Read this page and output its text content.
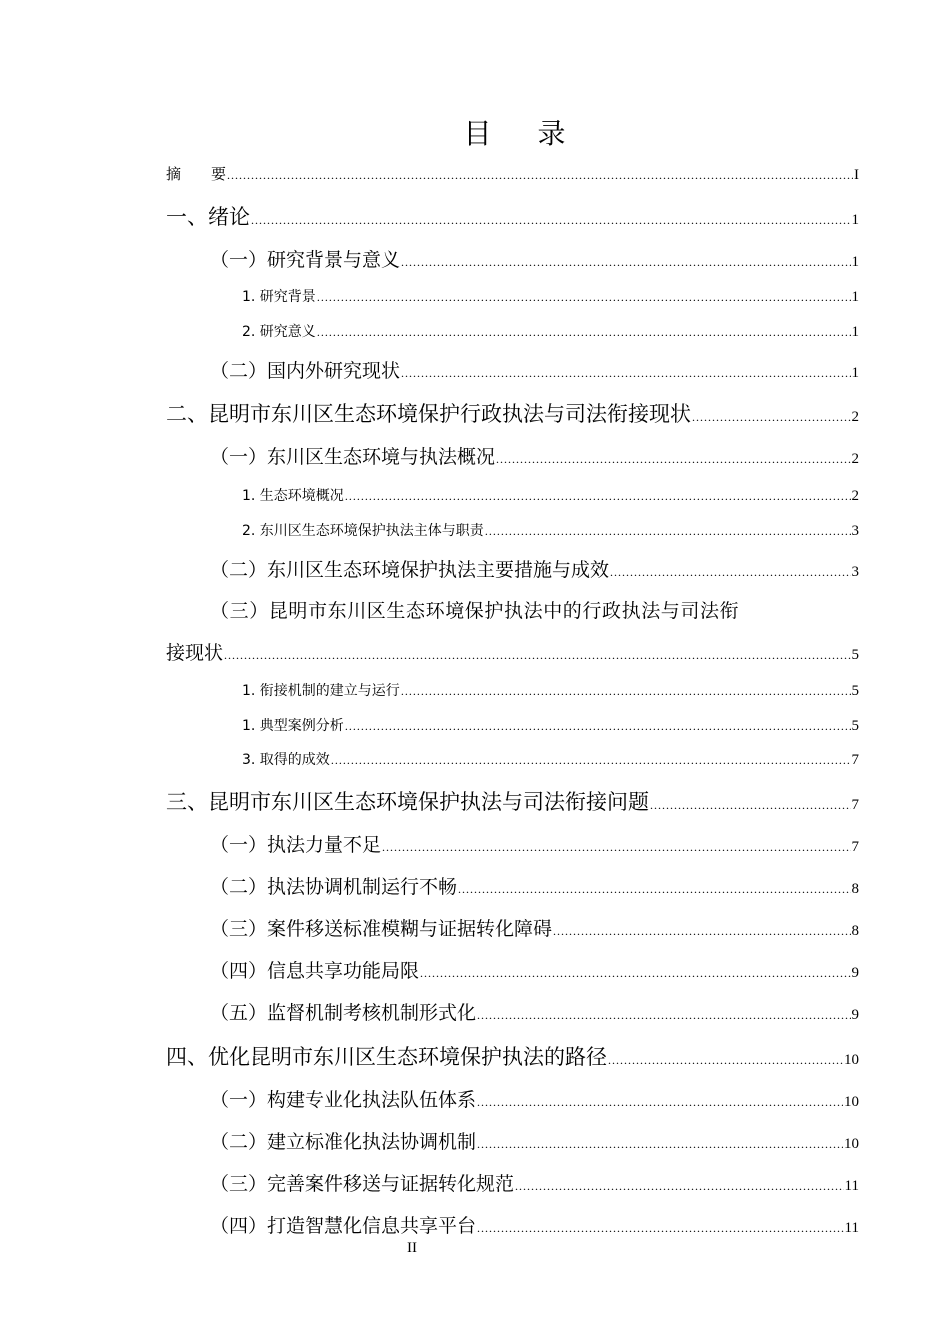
目 录
摘　　要 .....	I
一、绪论 .....	1
（一）研究背景与意义 .....	1
1. 研究背景 .....	1
2. 研究意义 .....	1
（二）国内外研究现状 .....	1
二、昆明市东川区生态环境保护行政执法与司法衔接现状 .....	2
（一）东川区生态环境与执法概况 .....	2
1. 生态环境概况 .....	2
2. 东川区生态环境保护执法主体与职责 .....	3
（二）东川区生态环境保护执法主要措施与成效 .....	3
（三）昆明市东川区生态环境保护执法中的行政执法与司法衔
接现状 .....	5
1. 衔接机制的建立与运行 .....	5
1. 典型案例分析 .....	5
3. 取得的成效 .....	7
三、昆明市东川区生态环境保护执法与司法衔接问题 .....	7
（一）执法力量不足 .....	7
（二）执法协调机制运行不畅 .....	8
（三）案件移送标准模糊与证据转化障碍 .....	8
（四）信息共享功能局限 .....	9
（五）监督机制考核机制形式化 .....	9
四、优化昆明市东川区生态环境保护执法的路径 .....	10
（一）构建专业化执法队伍体系 .....	10
（二）建立标准化执法协调机制 .....	10
（三）完善案件移送与证据转化规范 .....	11
（四）打造智慧化信息共享平台 .....	11
II
